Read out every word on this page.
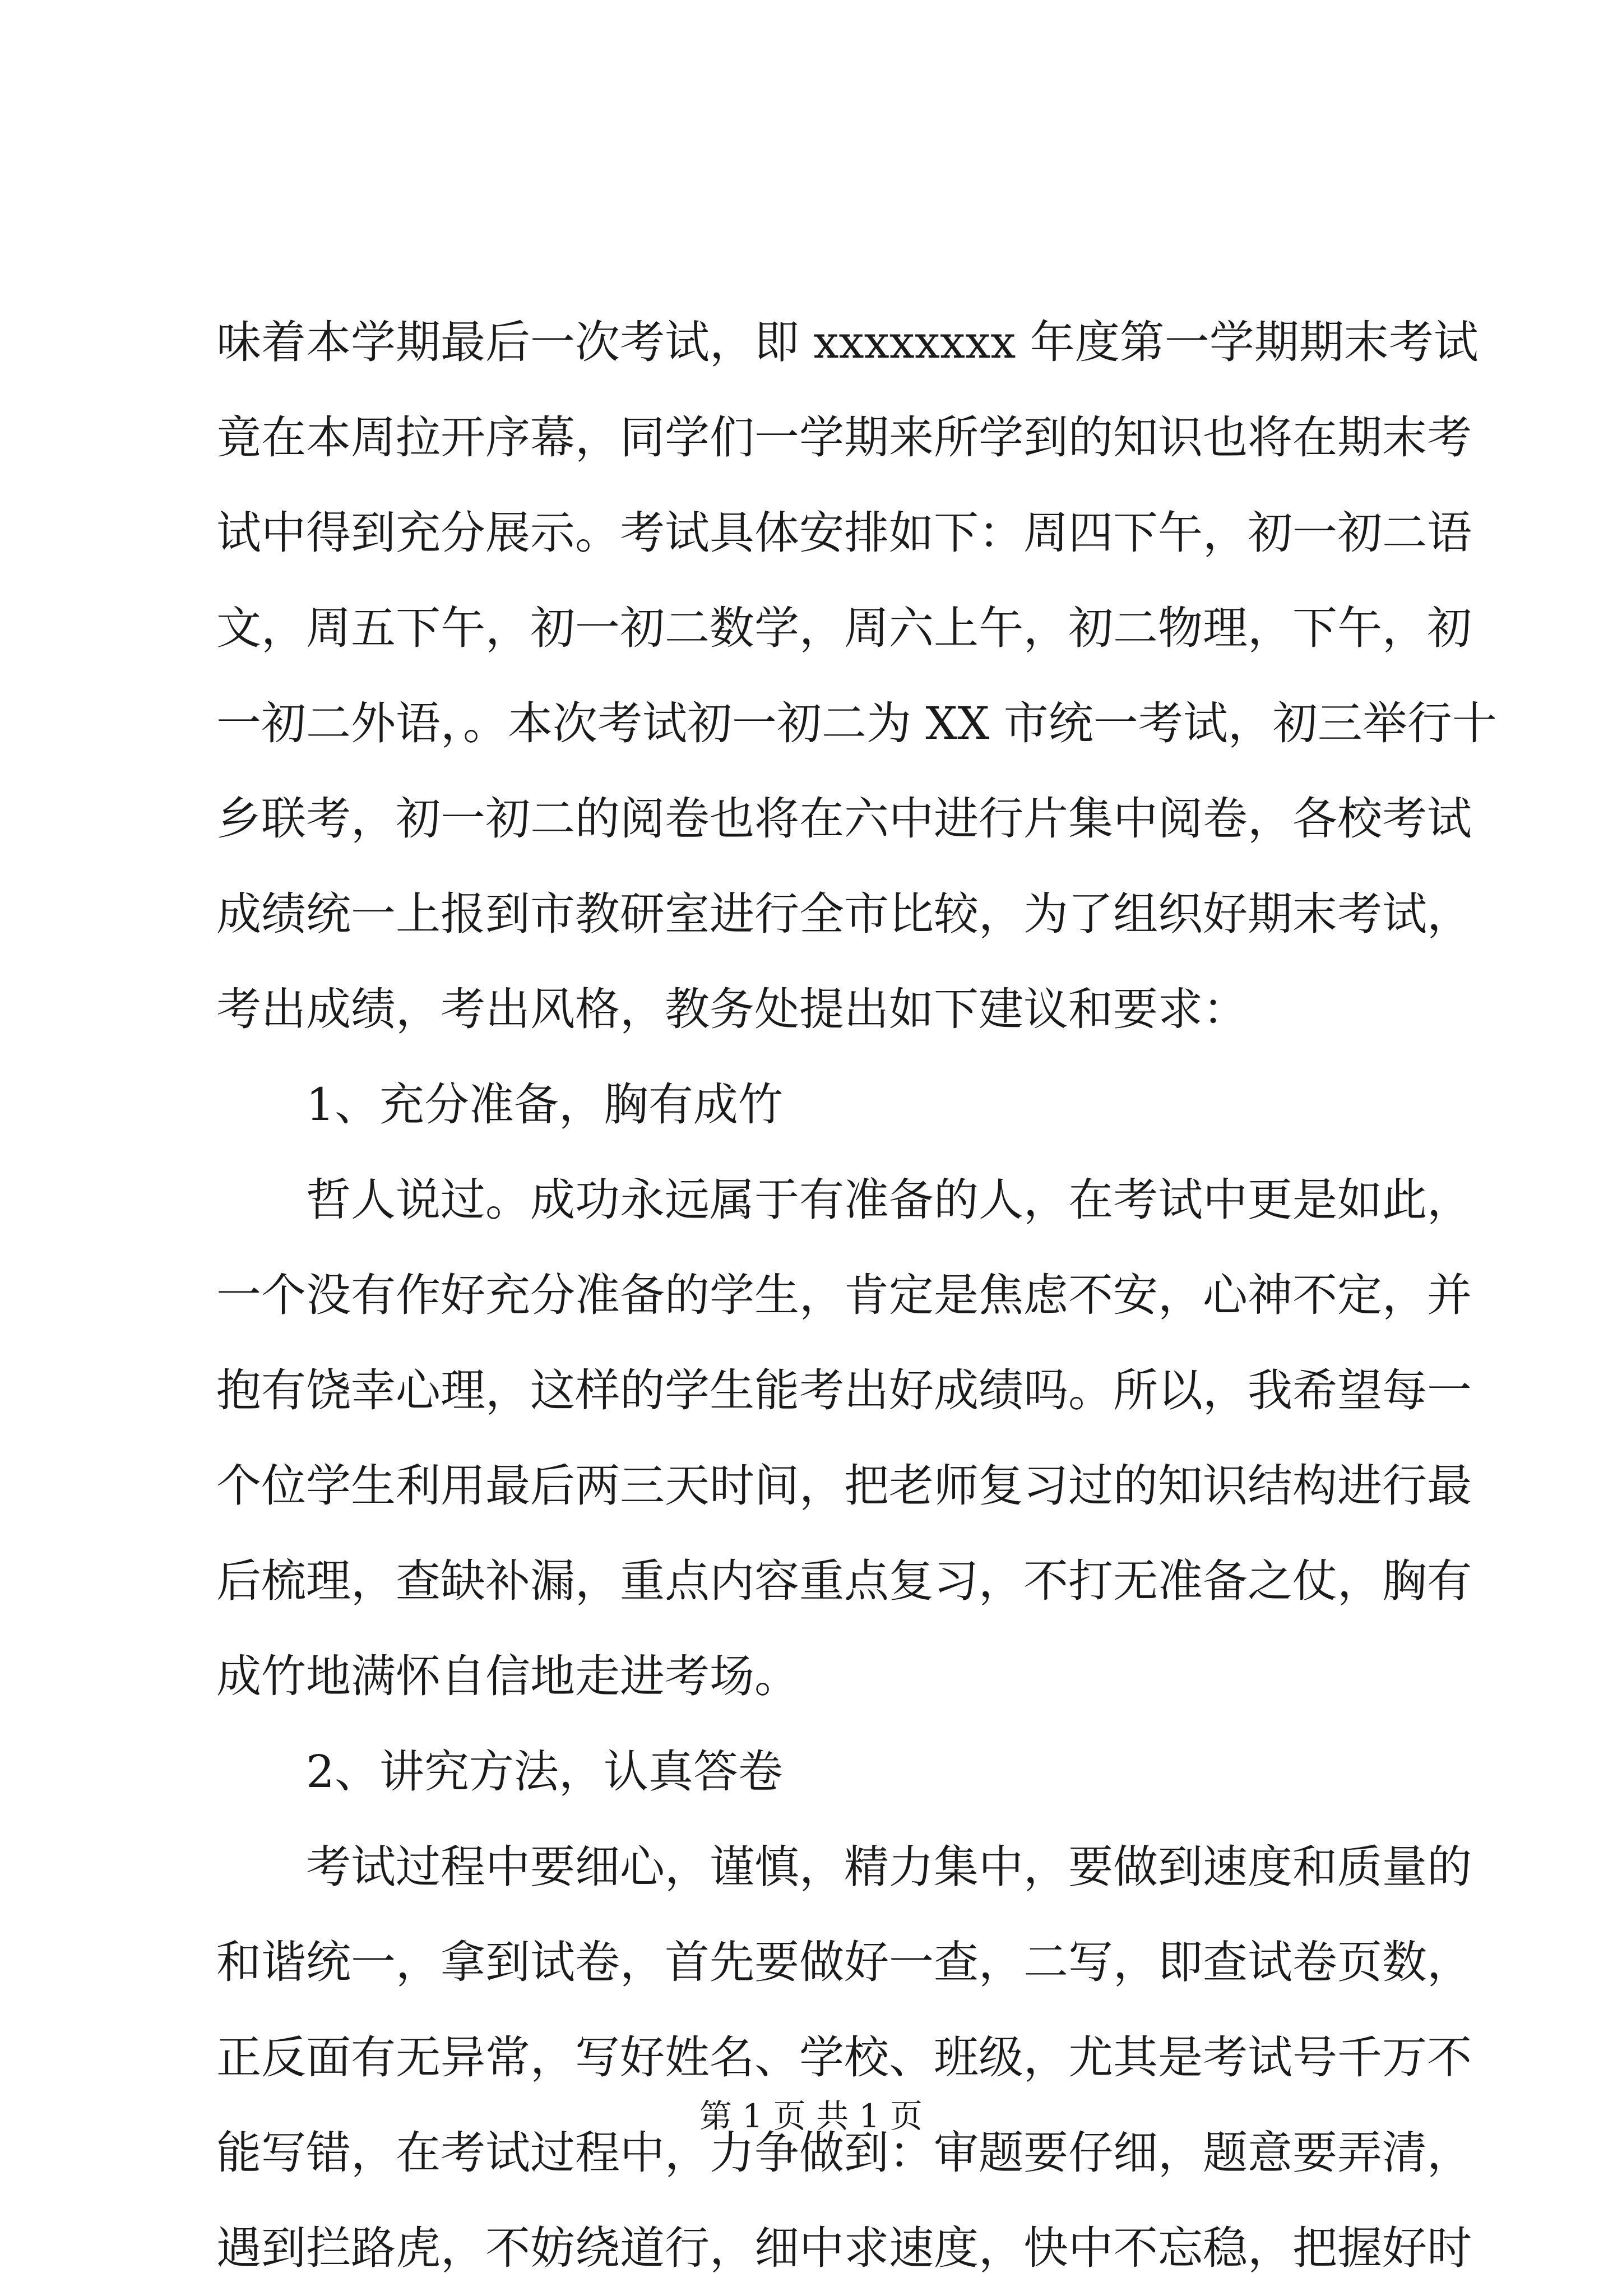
味着本学期最后一次考试，即 xxxxxxxx 年度第一学期期末考试
竟在本周拉开序幕，同学们一学期来所学到的知识也将在期末考
试中得到充分展示。考试具体安排如下：周四下午，初一初二语
文，周五下午，初一初二数学，周六上午，初二物理，下午，初
一初二外语，。本次考试初一初二为 XX 市统一考试，初三举行十
乡联考，初一初二的阅卷也将在六中进行片集中阅卷，各校考试
成绩统一上报到市教研室进行全市比较，为了组织好期末考试，
考出成绩，考出风格，教务处提出如下建议和要求：
1、充分准备，胸有成竹
哲人说过。成功永远属于有准备的人，在考试中更是如此，
一个没有作好充分准备的学生，肯定是焦虑不安，心神不定，并
抱有饶幸心理，这样的学生能考出好成绩吗。所以，我希望每一
个位学生利用最后两三天时间，把老师复习过的知识结构进行最
后梳理，查缺补漏，重点内容重点复习，不打无准备之仗，胸有
成竹地满怀自信地走进考场。
2、讲究方法，认真答卷
考试过程中要细心，谨慎，精力集中，要做到速度和质量的
和谐统一，拿到试卷，首先要做好一查，二写，即查试卷页数，
正反面有无异常，写好姓名、学校、班级，尤其是考试号千万不
能写错，在考试过程中，力争做到：审题要仔细，题意要弄清，
遇到拦路虎，不妨绕道行，细中求速度，快中不忘稳，把握好时
第 1 页 共 1 页
